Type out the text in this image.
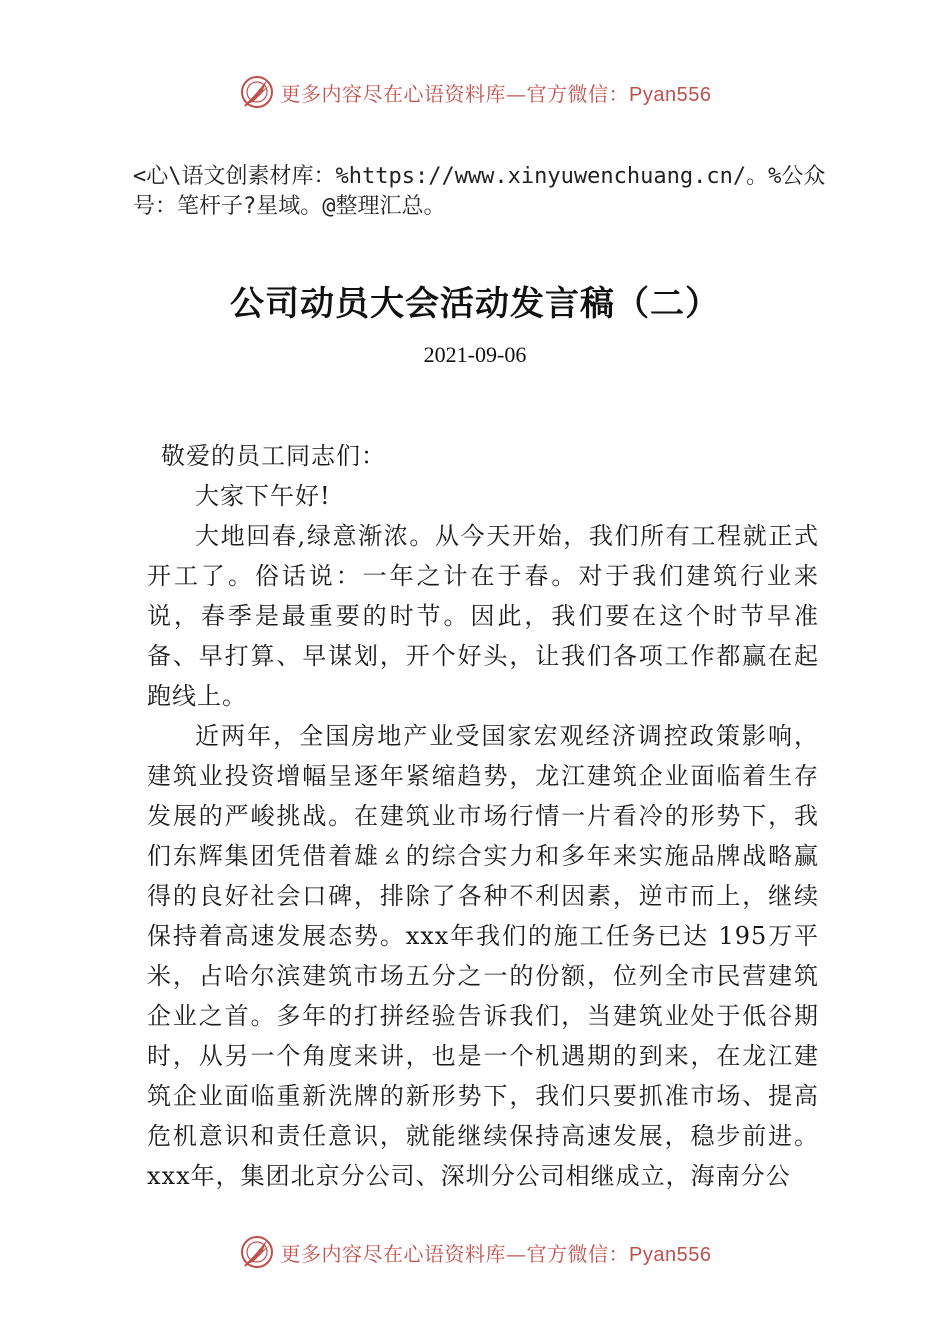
更多内容尽在心语资料库—官方微信：Pyan556
<心\语文创素材库：%https://www.xinyuwenchuang.cn/。%公众号：笔杆子?星域。@整理汇总。
公司动员大会活动发言稿（二）
2021-09-06

敬爱的员工同志们：

大家下午好!

大地回春,绿意渐浓。从今天开始，我们所有工程就正式开工了。俗话说：一年之计在于春。对于我们建筑行业来说，春季是最重要的时节。因此，我们要在这个时节早准备、早打算、早谋划，开个好头，让我们各项工作都赢在起跑线上。

近两年，全国房地产业受国家宏观经济调控政策影响，建筑业投资增幅呈逐年紧缩趋势，龙江建筑企业面临着生存发展的严峻挑战。在建筑业市场行情一片看冷的形势下，我们东辉集团凭借着雄ㄠ的综合实力和多年来实施品牌战略赢得的良好社会口碑，排除了各种不利因素，逆市而上，继续保持着高速发展态势。xxx年我们的施工任务已达 195万平米，占哈尔滨建筑市场五分之一的份额，位列全市民营建筑企业之首。多年的打拼经验告诉我们，当建筑业处于低谷期时，从另一个角度来讲，也是一个机遇期的到来，在龙江建筑企业面临重新洗牌的新形势下，我们只要抓准市场、提高危机意识和责任意识，就能继续保持高速发展，稳步前进。xxx年，集团北京分公司、深圳分公司相继成立，海南分公

更多内容尽在心语资料库—官方微信：Pyan556
